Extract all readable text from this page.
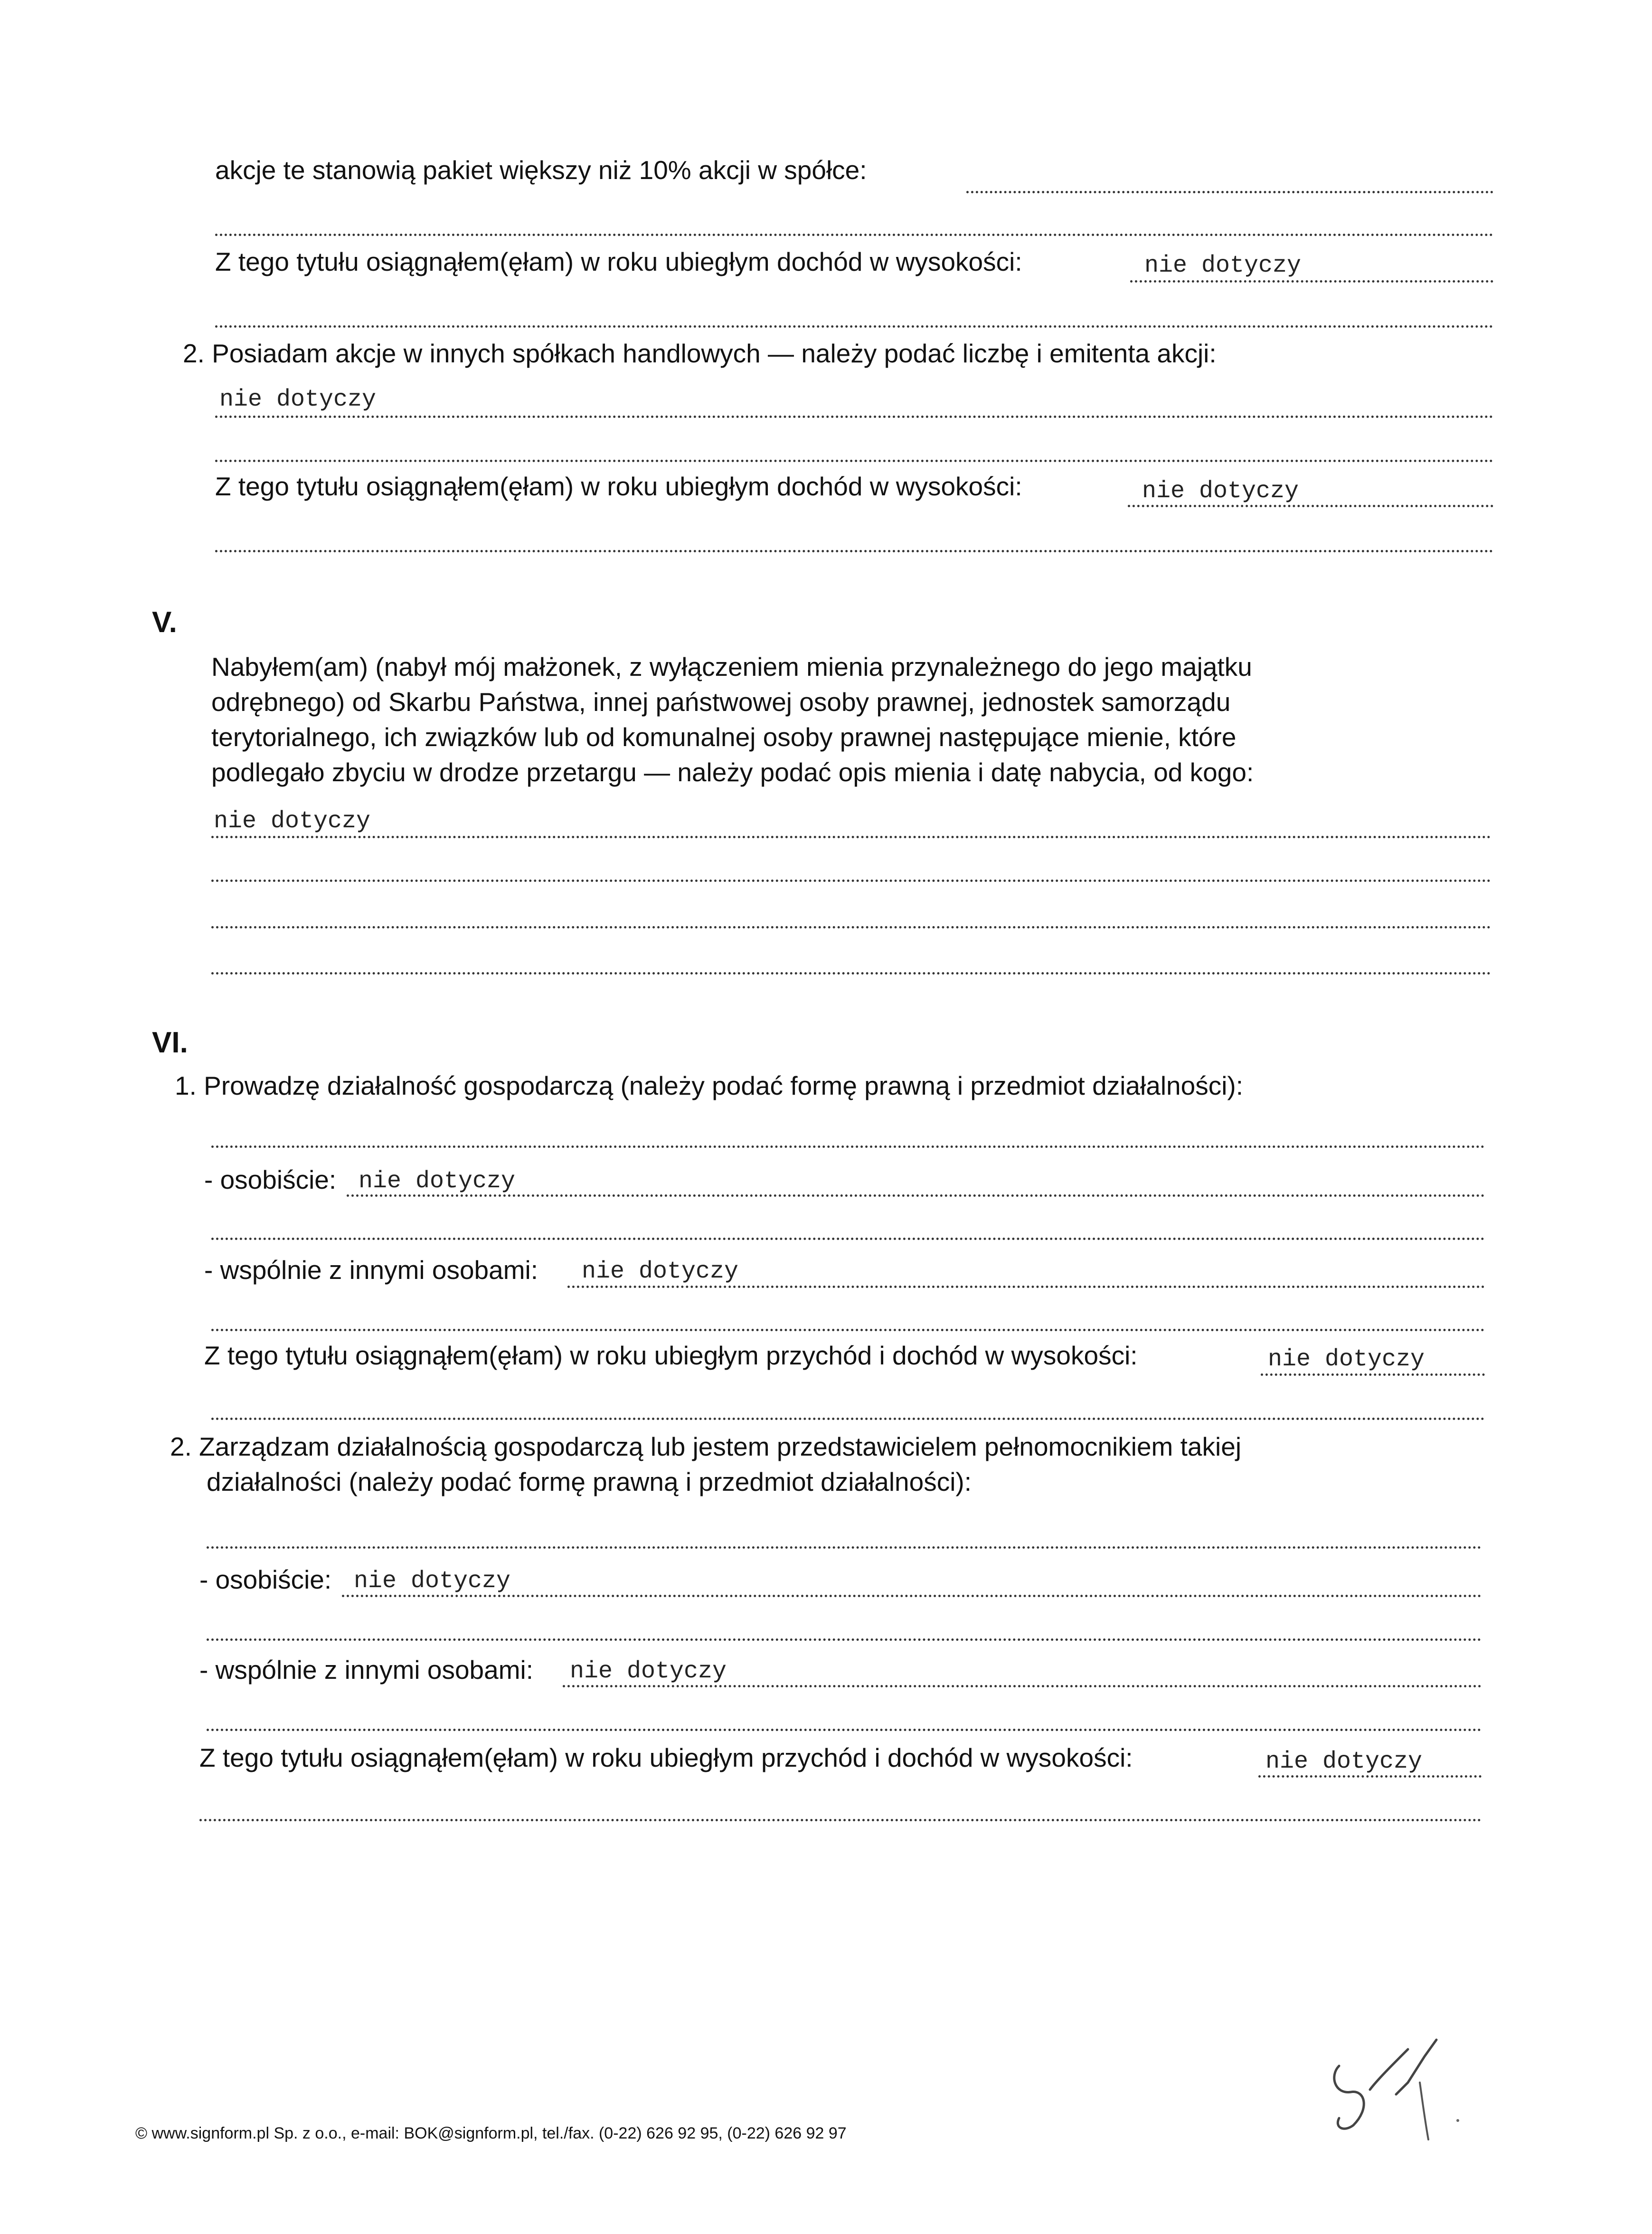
akcje te stanowią pakiet większy niż 10% akcji w spółce:
Z tego tytułu osiągnąłem(ęłam) w roku ubiegłym dochód w wysokości:	nie dotyczy
2. Posiadam akcje w innych spółkach handlowych — należy podać liczbę i emitenta akcji:
nie dotyczy
Z tego tytułu osiągnąłem(ęłam) w roku ubiegłym dochód w wysokości:	nie dotyczy
V.
Nabyłem(am) (nabył mój małżonek, z wyłączeniem mienia przynależnego do jego majątku
odrębnego) od Skarbu Państwa, innej państwowej osoby prawnej, jednostek samorządu
terytorialnego, ich związków lub od komunalnej osoby prawnej następujące mienie, które
podlegało zbyciu w drodze przetargu — należy podać opis mienia i datę nabycia, od kogo:
nie dotyczy
VI.
1. Prowadzę działalność gospodarczą (należy podać formę prawną i przedmiot działalności):
- osobiście: nie dotyczy
- wspólnie z innymi osobami: nie dotyczy
Z tego tytułu osiągnąłem(ęłam) w roku ubiegłym przychód i dochód w wysokości:	nie dotyczy
2. Zarządzam działalnością gospodarczą lub jestem przedstawicielem pełnomocnikiem takiej
działalności (należy podać formę prawną i przedmiot działalności):
- osobiście: nie dotyczy
- wspólnie z innymi osobami: nie dotyczy
Z tego tytułu osiągnąłem(ęłam) w roku ubiegłym przychód i dochód w wysokości:	nie dotyczy
© www.signform.pl Sp. z o.o., e-mail: BOK@signform.pl, tel./fax. (0-22) 626 92 95, (0-22) 626 92 97
